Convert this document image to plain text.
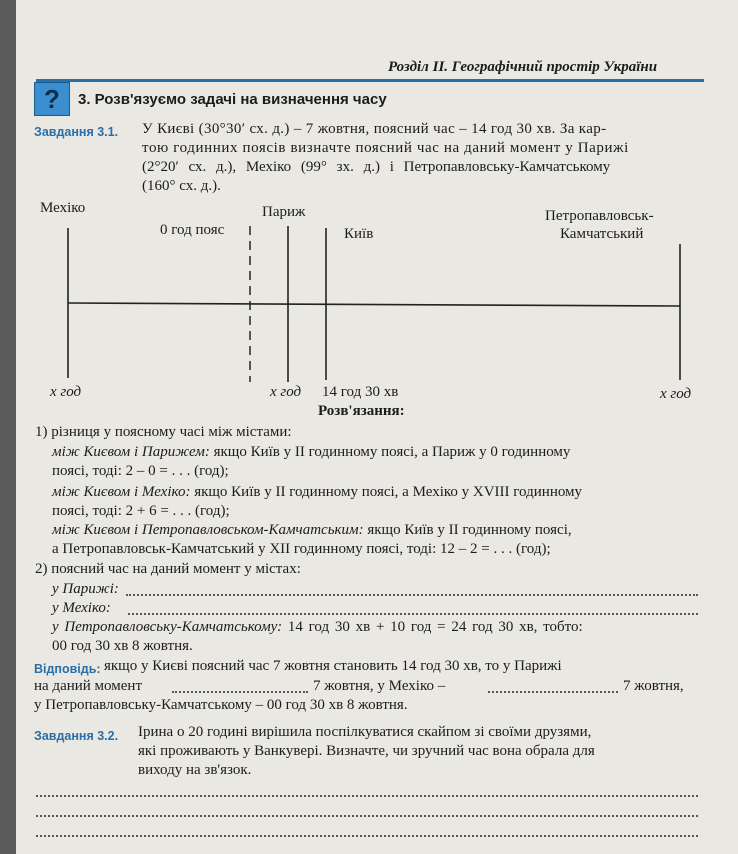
Розділ II. Географічний простір України
?	3. Розв'язуємо задачі на визначення часу
Завдання 3.1. У Києві (30°30′ сх. д.) – 7 жовтня, поясний час – 14 год 30 хв. За кар-
тою годинних поясів визначте поясний час на даний момент у Парижі
(2°20′ сх. д.), Мехіко (99° зх. д.) і Петропавловську-Камчатському
(160° сх. д.).
Мехіко
0 год пояс
Париж
Київ
Петропавловськ-
Камчатський
x год	x год 14 год 30 хв	x год
Розв'язання:
1) різниця у поясному часі між містами:
між Києвом і Парижем: якщо Київ у II годинному поясі, а Париж у 0 годинному
поясі, тоді: 2 – 0 = . . . (год);
між Києвом і Мехіко: якщо Київ у II годинному поясі, а Мехіко у XVIII годинному
поясі, тоді: 2 + 6 = . . . (год);
між Києвом і Петропавловськом-Камчатським: якщо Київ у II годинному поясі,
а Петропавловськ-Камчатський у XII годинному поясі, тоді: 12 – 2 = . . . (год);
2) поясний час на даний момент у містах:
у Парижі:
у Мехіко:
у Петропавловську-Камчатському: 14 год 30 хв + 10 год = 24 год 30 хв, тобто:
00 год 30 хв 8 жовтня.
Відповідь: якщо у Києві поясний час 7 жовтня становить 14 год 30 хв, то у Парижі
на даний момент	7 жовтня, у Мехіко –	7 жовтня,
у Петропавловську-Камчатському – 00 год 30 хв 8 жовтня.
Завдання 3.2. Ірина о 20 годині вирішила поспілкуватися скайпом зі своїми друзями,
які проживають у Ванкувері. Визначте, чи зручний час вона обрала для
виходу на зв'язок.
